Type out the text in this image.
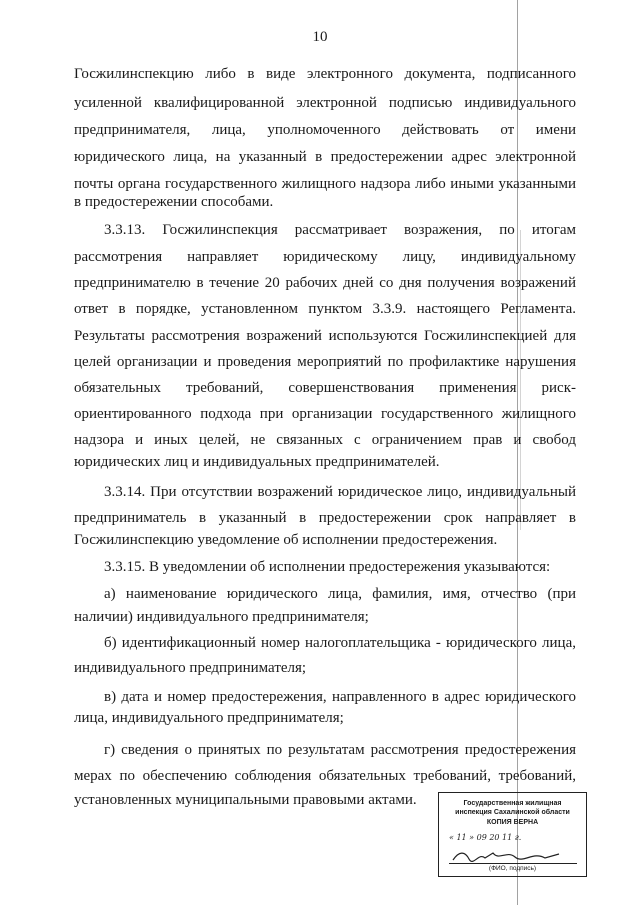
10
Госжилинспекцию либо в виде электронного документа, подписанного
усиленной квалифицированной электронной подписью индивидуального
предпринимателя, лица, уполномоченного действовать от имени
юридического лица, на указанный в предостережении адрес электронной
почты органа государственного жилищного надзора либо иными указанными
в предостережении способами.
3.3.13. Госжилинспекция рассматривает возражения, по итогам
рассмотрения направляет юридическому лицу, индивидуальному
предпринимателю в течение 20 рабочих дней со дня получения возражений
ответ в порядке, установленном пунктом 3.3.9. настоящего Регламента.
Результаты рассмотрения возражений используются Госжилинспекцией для
целей организации и проведения мероприятий по профилактике нарушения
обязательных требований, совершенствования применения риск-
ориентированного подхода при организации государственного жилищного
надзора и иных целей, не связанных с ограничением прав и свобод
юридических лиц и индивидуальных предпринимателей.
3.3.14. При отсутствии возражений юридическое лицо, индивидуальный
предприниматель в указанный в предостережении срок направляет в
Госжилинспекцию уведомление об исполнении предостережения.
3.3.15. В уведомлении об исполнении предостережения указываются:
а) наименование юридического лица, фамилия, имя, отчество (при
наличии) индивидуального предпринимателя;
б) идентификационный номер налогоплательщика - юридического лица,
индивидуального предпринимателя;
в) дата и номер предостережения, направленного в адрес юридического
лица, индивидуального предпринимателя;
г) сведения о принятых по результатам рассмотрения предостережения
мерах по обеспечению соблюдения обязательных требований, требований,
установленных муниципальными правовыми актами.	Государственная жилищная
инспекция Сахалинской области
КОПИЯ ВЕРНА
« 11 » 09 20 11 г.
(ФИО, подпись)
